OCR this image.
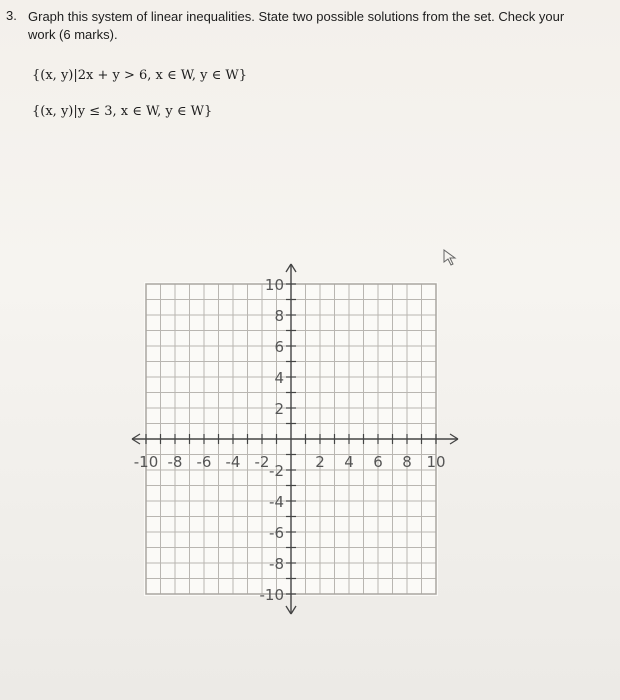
3. Graph this system of linear inequalities. State two possible solutions from the set. Check your work (6 marks).
{(x, y)|2x + y > 6, x ∈ W, y ∈ W}
{(x, y)|y ≤ 3, x ∈ W, y ∈ W}
-10 -8 -6 -4 -2	2 4 6 8 10
10
8
6
4
2
-2
-4
-6
-8
-10
